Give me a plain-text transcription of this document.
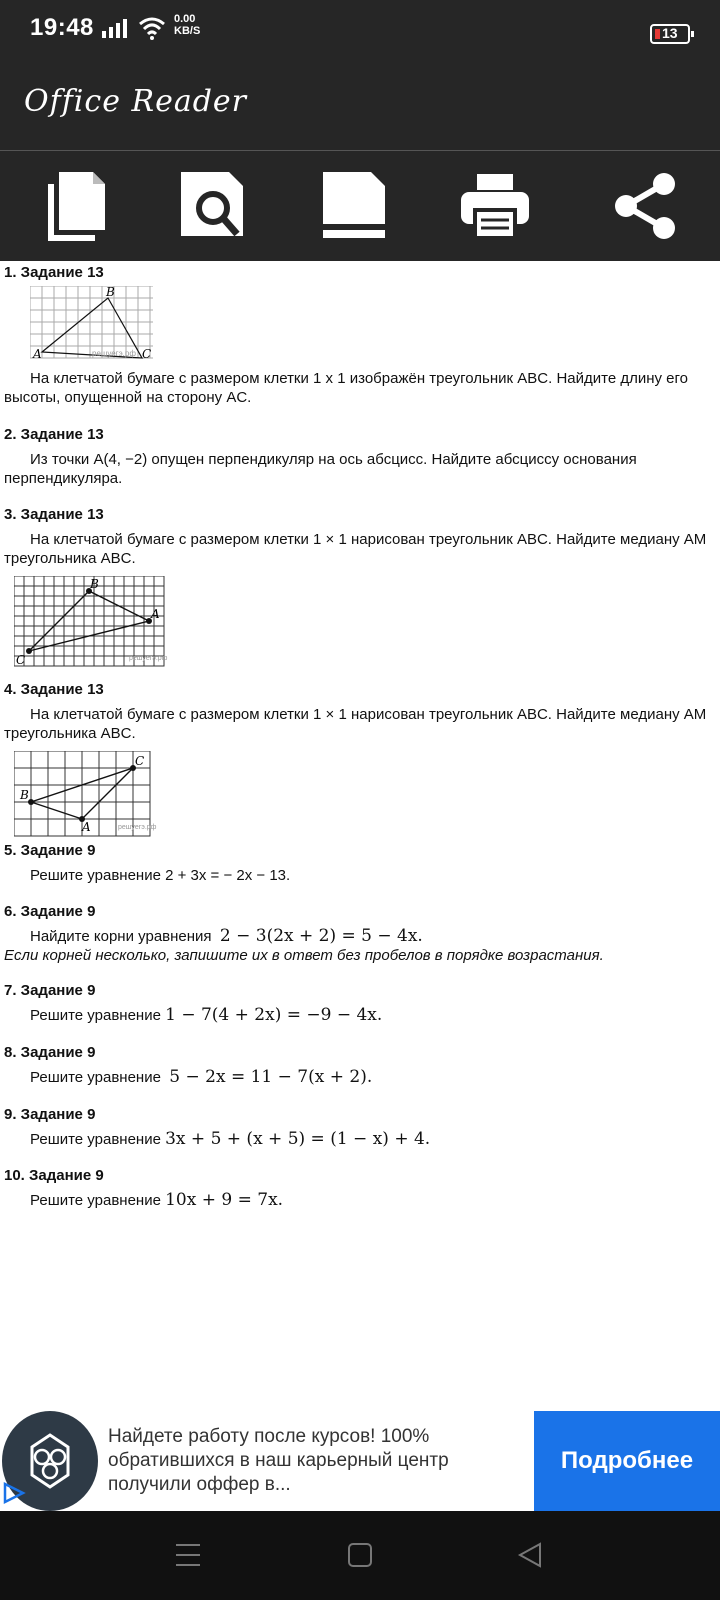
19:48	0.00
KB/S	13
Office Reader
1. Задание 13
A
B
C
решуегэ.рф

На клетчатой бумаге с размером клетки 1 x 1 изображён треугольник ABC. Найдите длину его высоты, опущенной на сторону AC.

2. Задание 13

Из точки A(4, −2) опущен перпендикуляр на ось абсцисс. Найдите абсциссу основания перпендикуляра.

3. Задание 13

На клетчатой бумаге с размером клетки 1 × 1 нарисован треугольник ABC. Найдите медиану AM треугольника ABC.

A
B
C	решуегэ.рф
4. Задание 13

На клетчатой бумаге с размером клетки 1 × 1 нарисован треугольник ABC. Найдите медиану AM треугольника ABC.

A
B
C
решуегэ.рф
5. Задание 9

Решите уравнение 2 + 3x = − 2x − 13.

6. Задание 9

Найдите корни уравнения 2 − 3(2x + 2) = 5 − 4x.

Если корней несколько, запишите их в ответ без пробелов в порядке возрастания.

7. Задание 9

Решите уравнение 1 − 7(4 + 2x) = −9 − 4x.

8. Задание 9

Решите уравнение 5 − 2x = 11 − 7(x + 2).

9. Задание 9

Решите уравнение 3x + 5 + (x + 5) = (1 − x) + 4.

10. Задание 9

Решите уравнение 10x + 9 = 7x.

Найдете работу после курсов! 100% обратившихся в наш карьерный центр получили оффер в...
Подробнее
